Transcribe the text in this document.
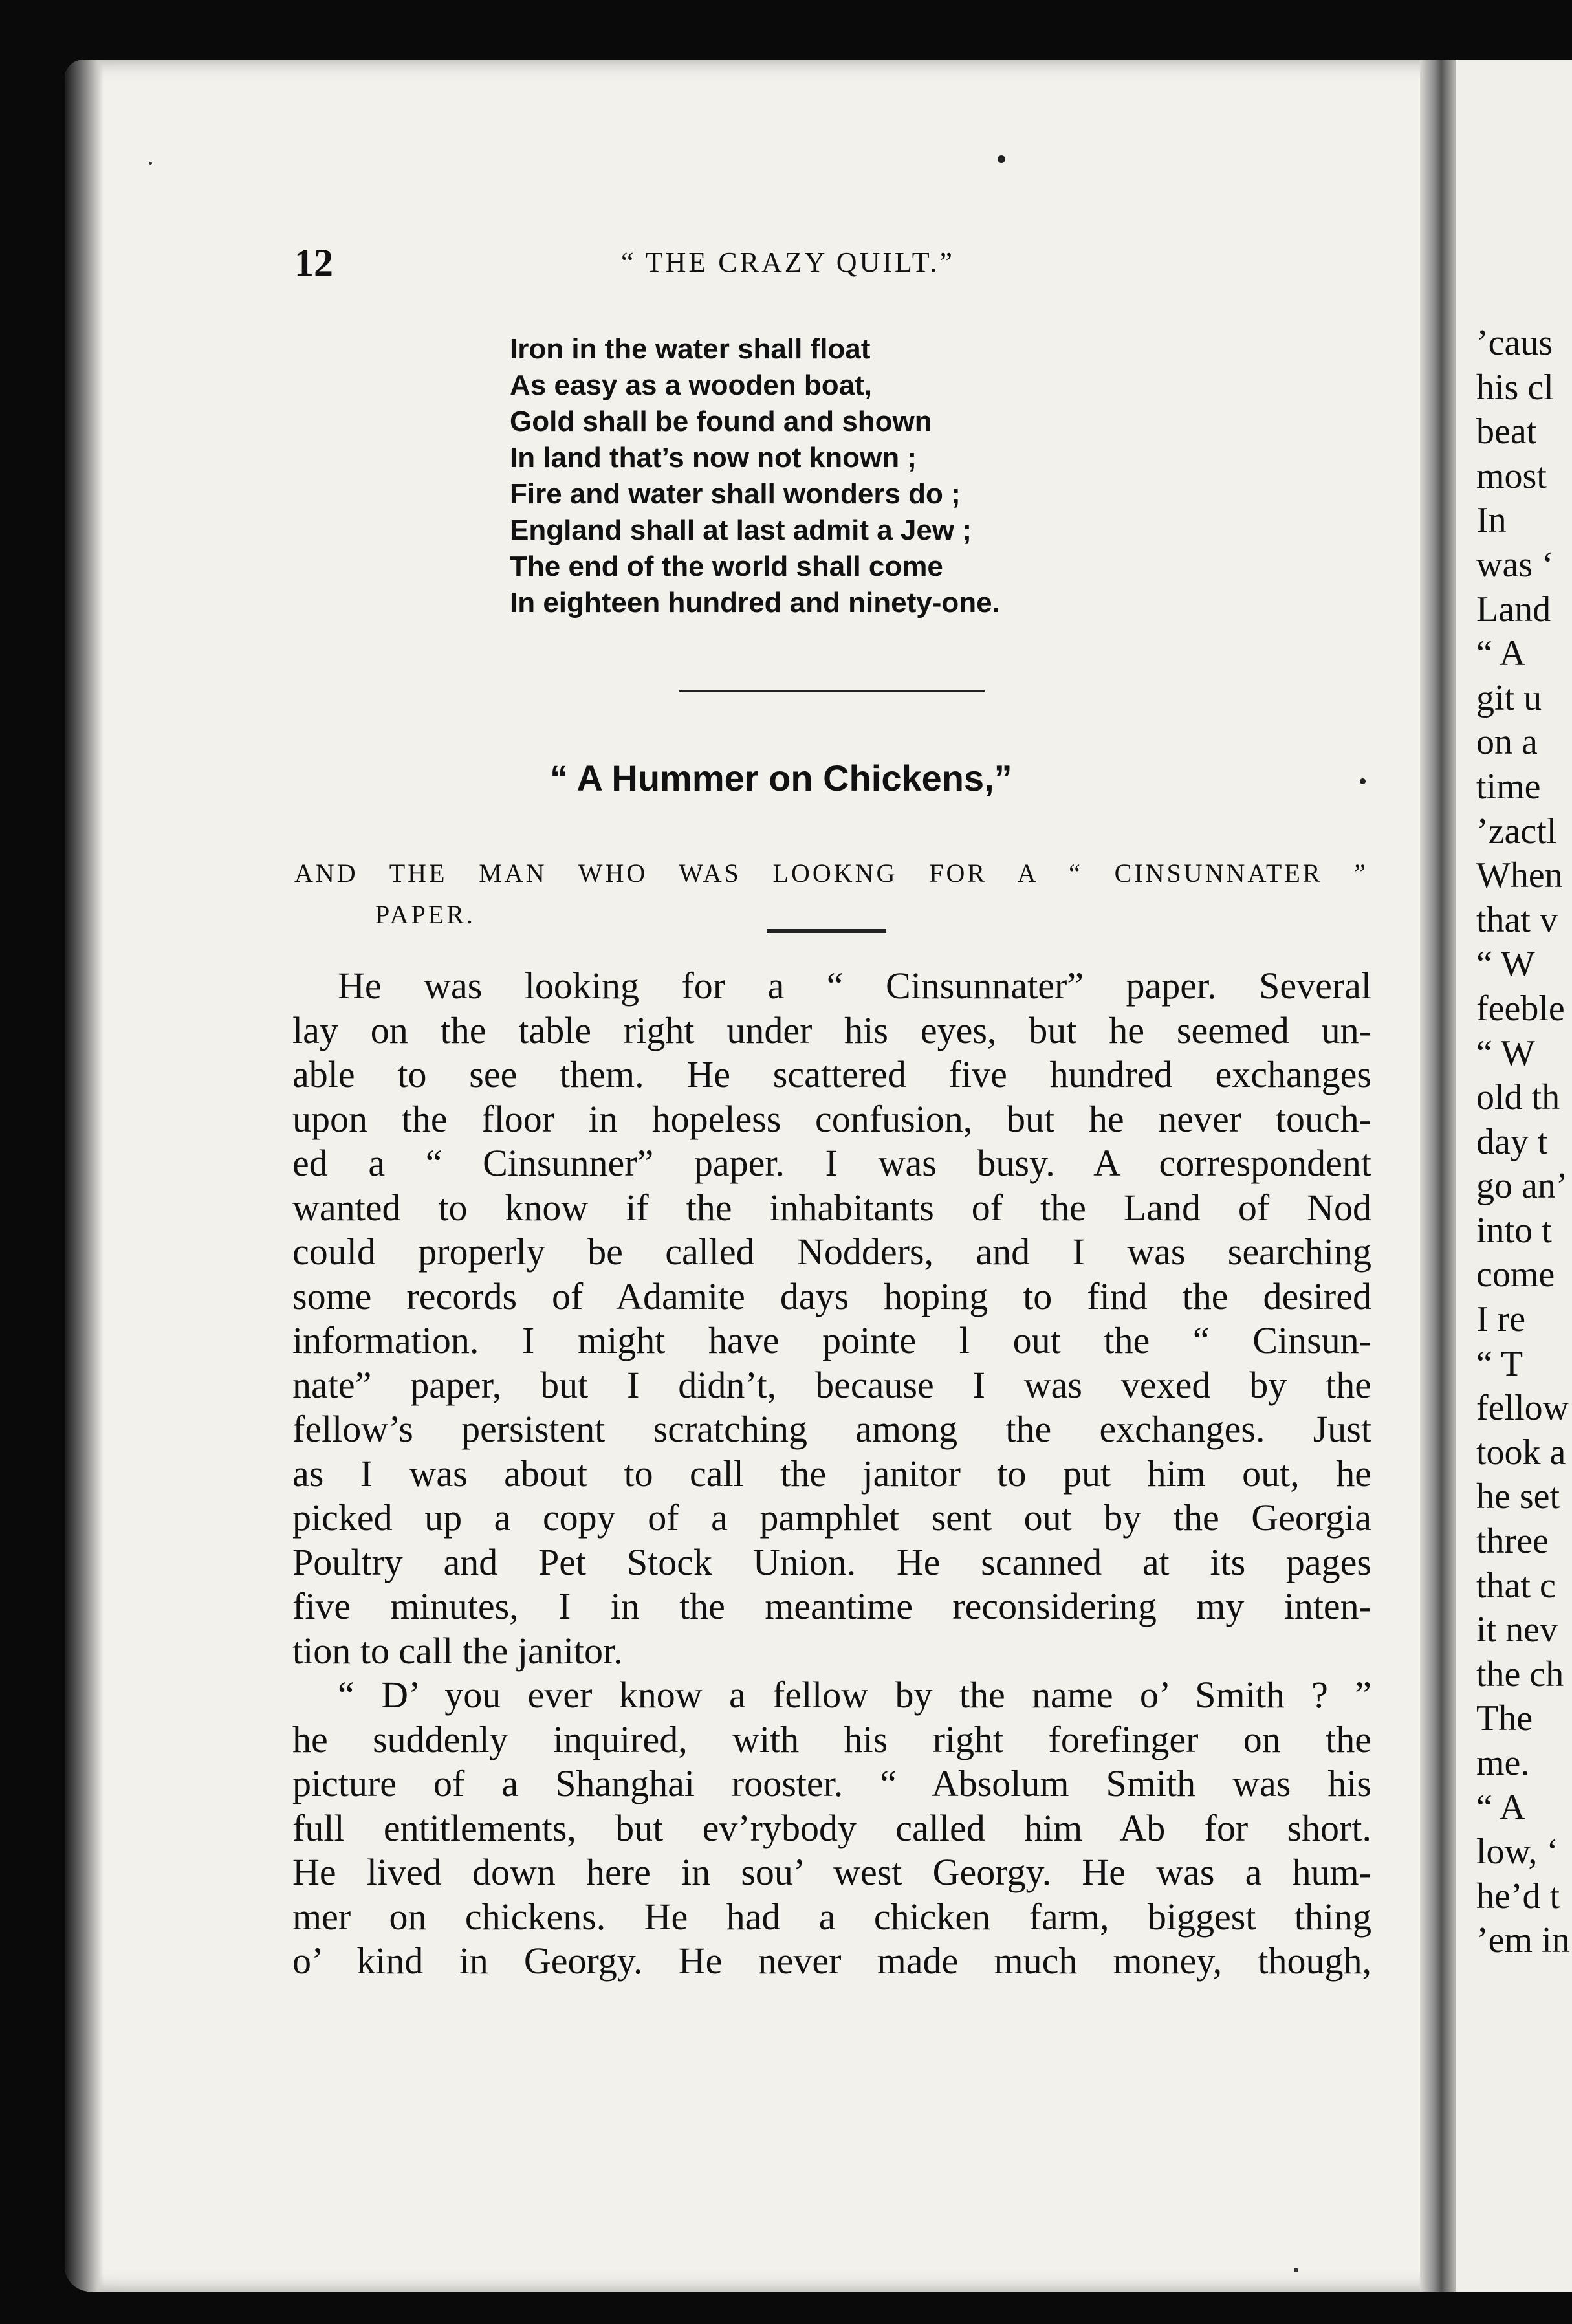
12	“ THE CRAZY QUILT.”
Iron in the water shall float
As easy as a wooden boat,
Gold shall be found and shown
In land that’s now not known ;
Fire and water shall wonders do ;
England shall at last admit a Jew ;
The end of the world shall come
In eighteen hundred and ninety-one.
“ A Hummer on Chickens,”
AND THE MAN WHO WAS LOOKNG FOR A “ CINSUNNATER ”
PAPER.
He was looking for a “ Cinsunnater” paper. Several
lay on the table right under his eyes, but he seemed un-
able to see them. He scattered five hundred exchanges
upon the floor in hopeless confusion, but he never touch-
ed a “ Cinsunner” paper. I was busy. A correspondent
wanted to know if the inhabitants of the Land of Nod
could properly be called Nodders, and I was searching
some records of Adamite days hoping to find the desired
information. I might have pointe l out the “ Cinsun-
nate” paper, but I didn’t, because I was vexed by the
fellow’s persistent scratching among the exchanges. Just
as I was about to call the janitor to put him out, he
picked up a copy of a pamphlet sent out by the Georgia
Poultry and Pet Stock Union. He scanned at its pages
five minutes, I in the meantime reconsidering my inten-
tion to call the janitor.
“ D’ you ever know a fellow by the name o’ Smith ? ”
he suddenly inquired, with his right forefinger on the
picture of a Shanghai rooster. “ Absolum Smith was his
full entitlements, but ev’rybody called him Ab for short.
He lived down here in sou’ west Georgy. He was a hum-
mer on chickens. He had a chicken farm, biggest thing
o’ kind in Georgy. He never made much money, though,
’caus
his cl
beat
most
In
was ‘
Land
“ A
git u
on a
time
’zactl
When
that v
“ W
feeble
“ W
old th
day t
go an’
into t
come
I re
“ T
fellow
took a
he set
three
that c
it nev
the ch
The
me.
“ A
low, ‘
he’d t
’em in
